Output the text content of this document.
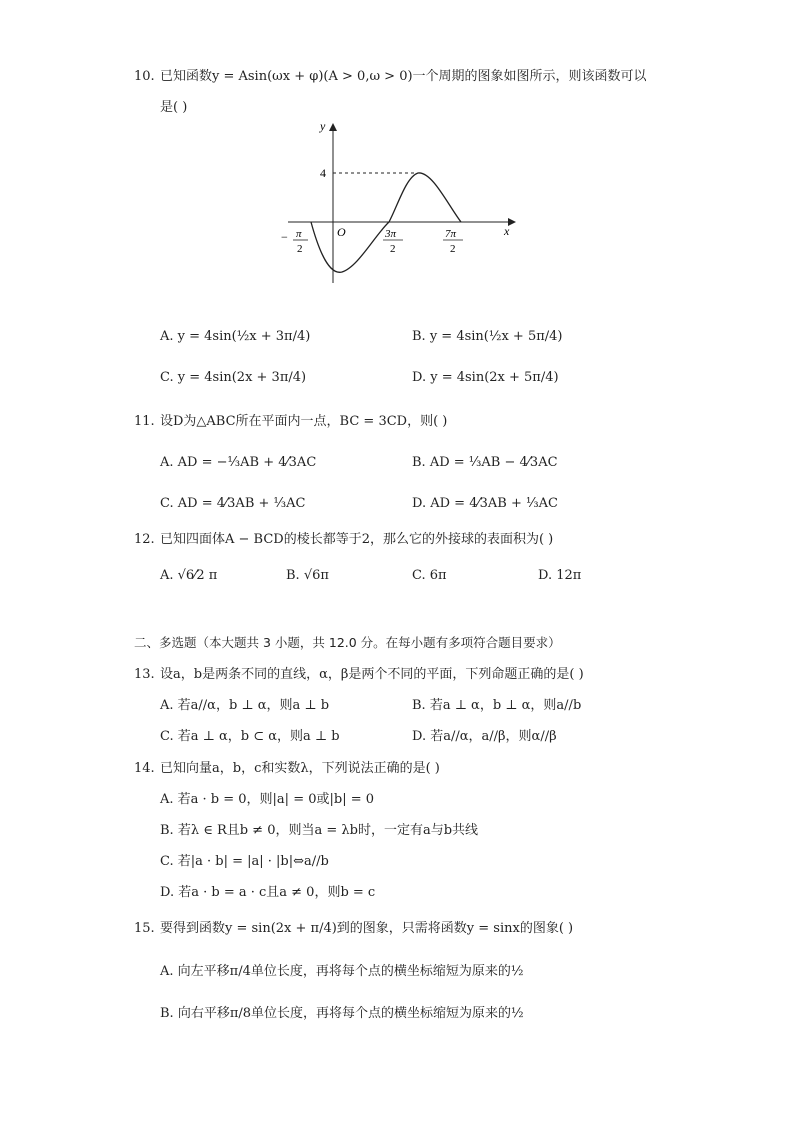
10. 已知函数y = Asin(ωx + φ)(A > 0,ω > 0)一个周期的图象如图所示，则该函数可以
是( )
y
x
O
4
− π
2
3π
2
7π
2
A. y = 4sin(½x + 3π/4)	B. y = 4sin(½x + 5π/4)
C. y = 4sin(2x + 3π/4)	D. y = 4sin(2x + 5π/4)
11. 设D为△ABC所在平面内一点，BC = 3CD，则( )
A. AD = −⅓AB + 4⁄3AC	B. AD = ⅓AB − 4⁄3AC
C. AD = 4⁄3AB + ⅓AC	D. AD = 4⁄3AB + ⅓AC
12. 已知四面体A − BCD的棱长都等于2，那么它的外接球的表面积为( )
A. √6⁄2 π	B. √6π	C. 6π	D. 12π
二、多选题（本大题共 3 小题，共 12.0 分。在每小题有多项符合题目要求）
13. 设a，b是两条不同的直线，α，β是两个不同的平面，下列命题正确的是( )
A. 若a//α，b ⊥ α，则a ⊥ b	B. 若a ⊥ α，b ⊥ α，则a//b
C. 若a ⊥ α，b ⊂ α，则a ⊥ b	D. 若a//α，a//β，则α//β
14. 已知向量a，b，c和实数λ，下列说法正确的是( )
A. 若a · b = 0，则|a| = 0或|b| = 0
B. 若λ ∈ R且b ≠ 0，则当a = λb时，一定有a与b共线
C. 若|a · b| = |a| · |b|⇔a//b
D. 若a · b = a · c且a ≠ 0，则b = c
15. 要得到函数y = sin(2x + π/4)到的图象，只需将函数y = sinx的图象( )
A. 向左平移π/4单位长度，再将每个点的横坐标缩短为原来的½
B. 向右平移π/8单位长度，再将每个点的横坐标缩短为原来的½
